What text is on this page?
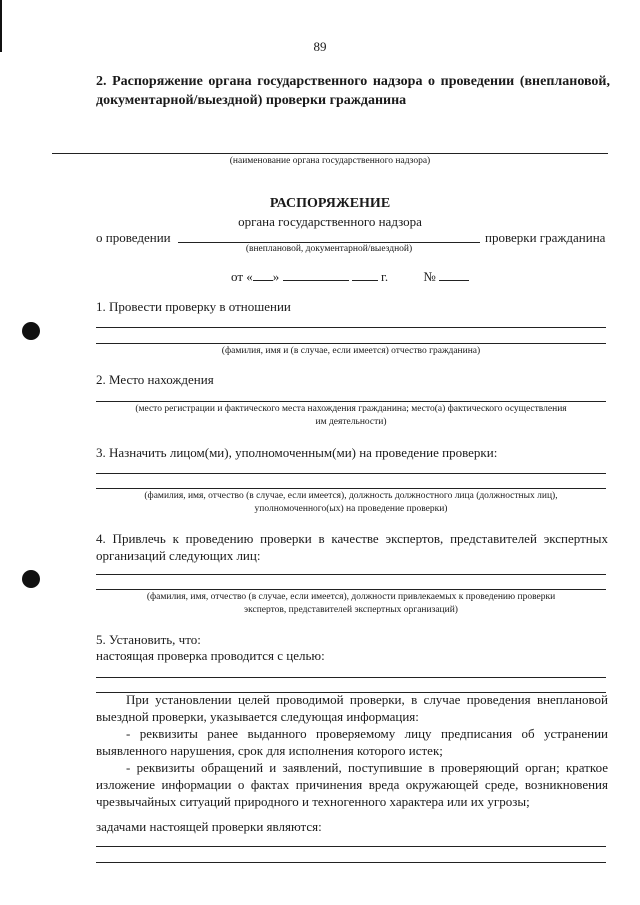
89
2. Распоряжение органа государственного надзора о проведении (внеплановой, документарной/выездной) проверки гражданина
(наименование органа государственного надзора)
РАСПОРЯЖЕНИЕ
органа государственного надзора
о проведении	проверки гражданина
(внеплановой, документарной/выездной)
от « »	г.	№
1. Провести проверку в отношении
(фамилия, имя и (в случае, если имеется) отчество гражданина)
2. Место нахождения
(место регистрации и фактического места нахождения гражданина; место(а) фактического осуществления
им деятельности)
3. Назначить лицом(ми), уполномоченным(ми) на проведение проверки:
(фамилия, имя, отчество (в случае, если имеется), должность должностного лица (должностных лиц),
уполномоченного(ых) на проведение проверки)
4. Привлечь к проведению проверки в качестве экспертов, представителей экспертных организаций следующих лиц:
(фамилия, имя, отчество (в случае, если имеется), должности привлекаемых к проведению проверки
экспертов, представителей экспертных организаций)
5. Установить, что:
настоящая проверка проводится с целью:
При установлении целей проводимой проверки, в случае проведения внеплановой выездной проверки, указывается следующая информация:
- реквизиты ранее выданного проверяемому лицу предписания об устранении выявленного нарушения, срок для исполнения которого истек;
- реквизиты обращений и заявлений, поступившие в проверяющий орган; краткое изложение информации о фактах причинения вреда окружающей среде, возникновения чрезвычайных ситуаций природного и техногенного характера или их угрозы;
задачами настоящей проверки являются:
